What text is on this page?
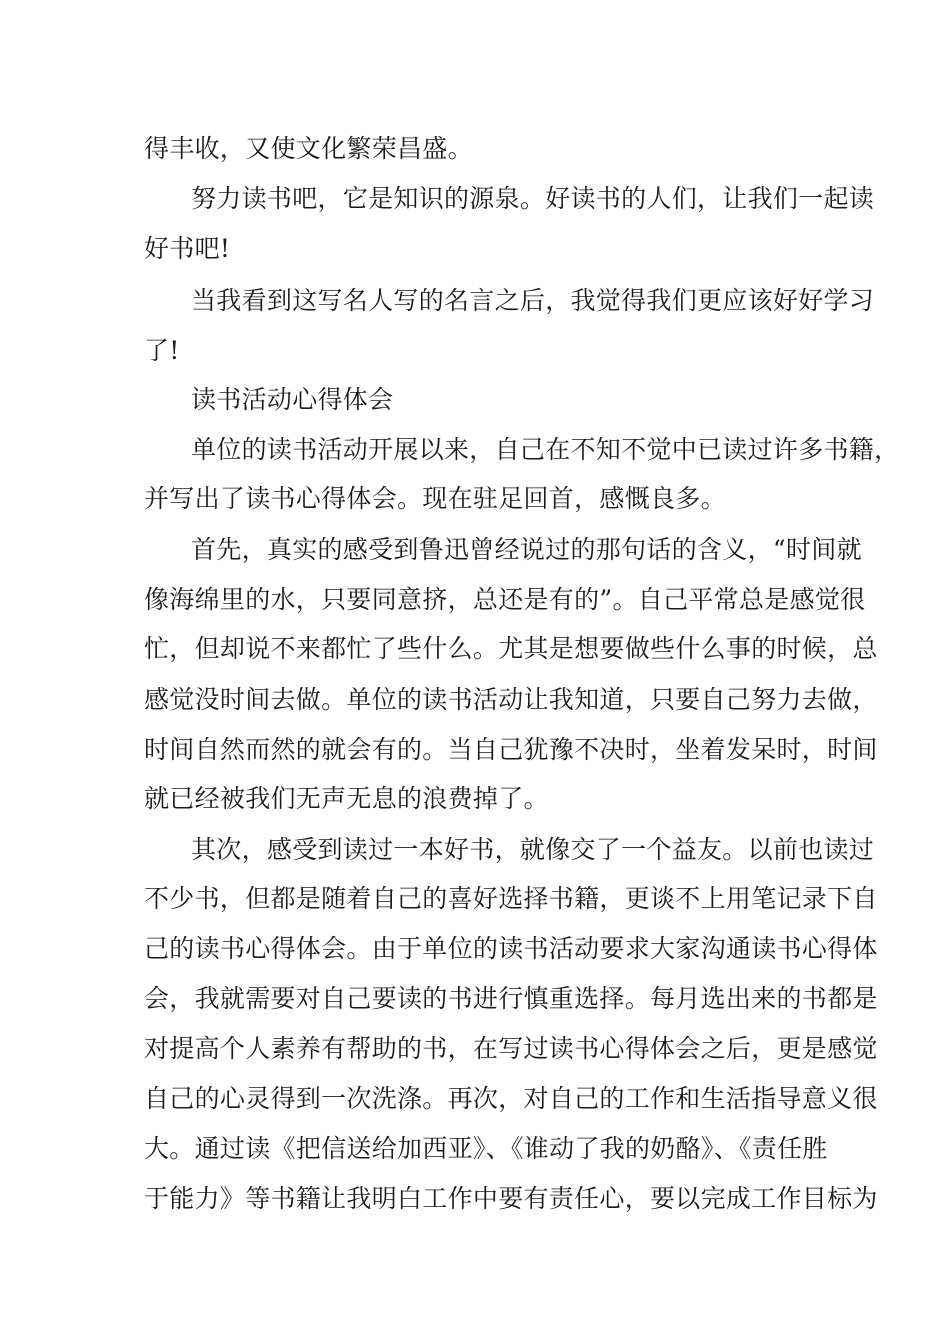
得丰收，又使文化繁荣昌盛。
努力读书吧，它是知识的源泉。好读书的人们，让我们一起读
好书吧!
当我看到这写名人写的名言之后，我觉得我们更应该好好学习
了!
读书活动心得体会
单位的读书活动开展以来，自己在不知不觉中已读过许多书籍，
并写出了读书心得体会。现在驻足回首，感慨良多。
首先，真实的感受到鲁迅曾经说过的那句话的含义，“时间就
像海绵里的水，只要同意挤，总还是有的”。自己平常总是感觉很
忙，但却说不来都忙了些什么。尤其是想要做些什么事的时候，总
感觉没时间去做。单位的读书活动让我知道，只要自己努力去做，
时间自然而然的就会有的。当自己犹豫不决时，坐着发呆时，时间
就已经被我们无声无息的浪费掉了。
其次，感受到读过一本好书，就像交了一个益友。以前也读过
不少书，但都是随着自己的喜好选择书籍，更谈不上用笔记录下自
己的读书心得体会。由于单位的读书活动要求大家沟通读书心得体
会，我就需要对自己要读的书进行慎重选择。每月选出来的书都是
对提高个人素养有帮助的书，在写过读书心得体会之后，更是感觉
自己的心灵得到一次洗涤。再次，对自己的工作和生活指导意义很
大。通过读《把信送给加西亚》、《谁动了我的奶酪》、《责任胜
于能力》等书籍让我明白工作中要有责任心，要以完成工作目标为
